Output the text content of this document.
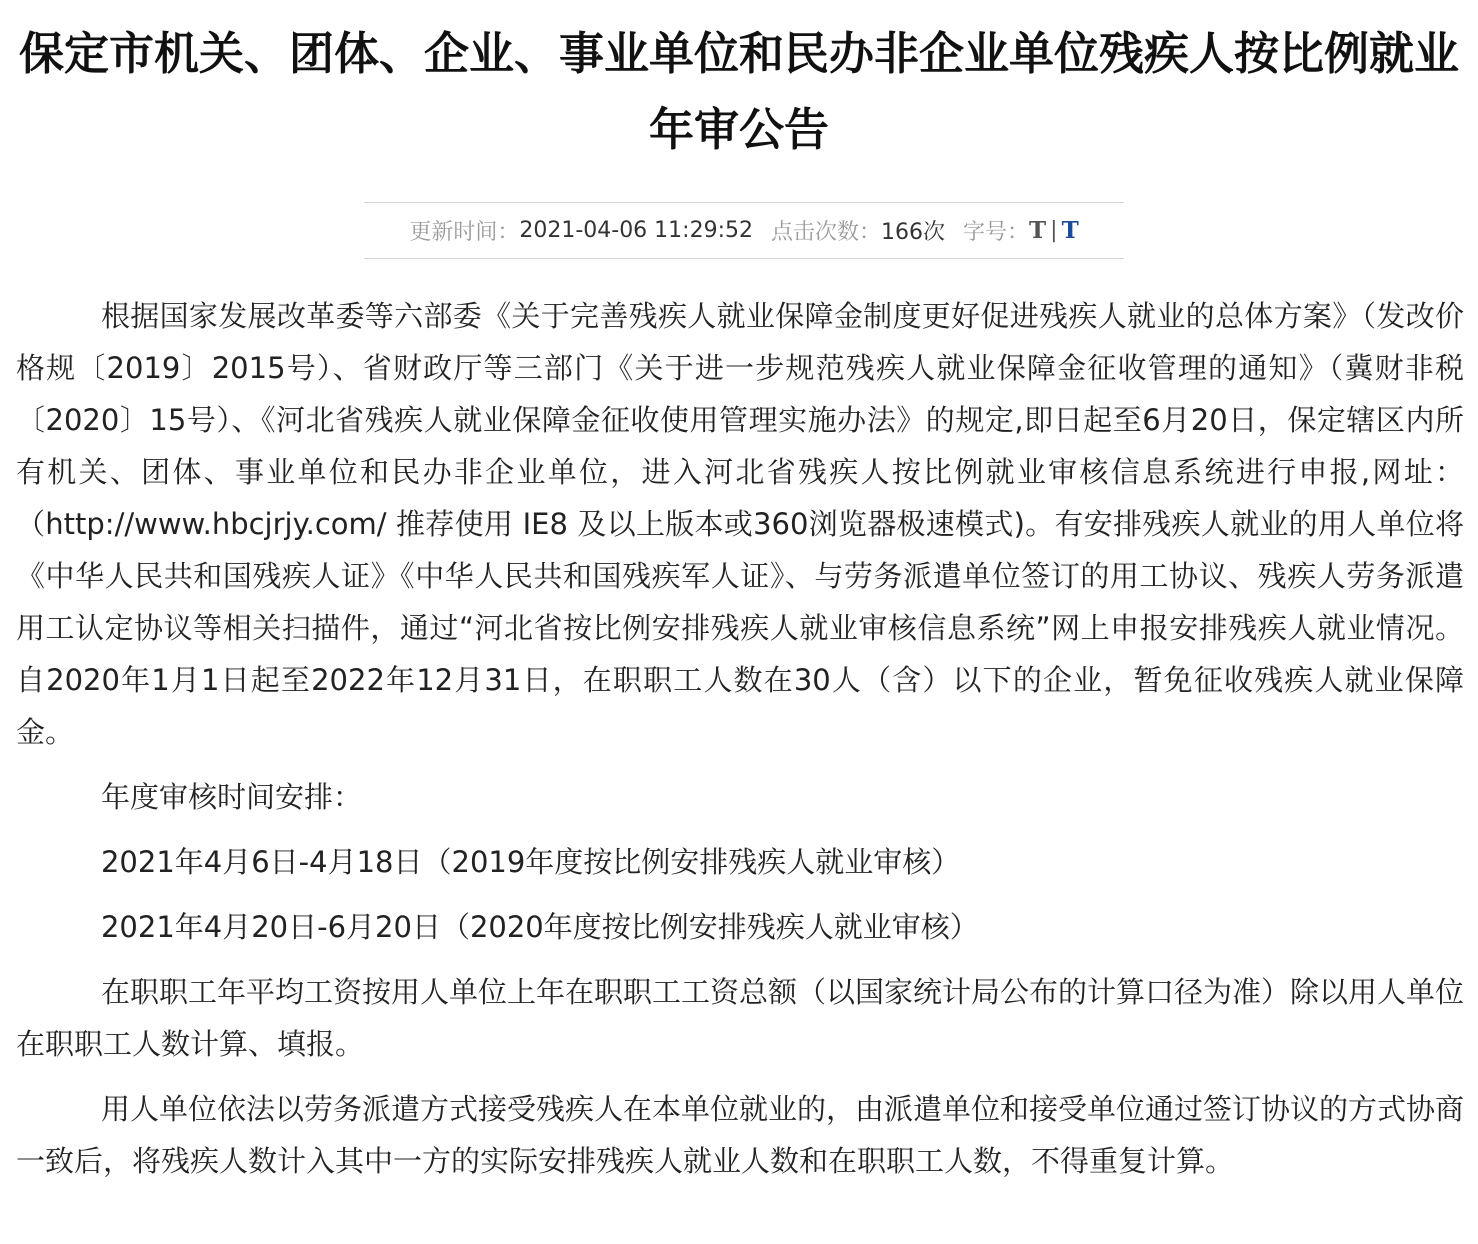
保定市机关、团体、企业、事业单位和民办非企业单位残疾人按比例就业年审公告
更新时间： 2021-04-06 11:29:52 点击次数： 166次 字号： T | T

根据国家发展改革委等六部委《关于完善残疾人就业保障金制度更好促进残疾人就业的总体方案》（发改价格规〔2019〕2015号）、省财政厅等三部门《关于进一步规范残疾人就业保障金征收管理的通知》（冀财非税〔2020〕15号）、《河北省残疾人就业保障金征收使用管理实施办法》的规定,即日起至6月20日，保定辖区内所有机关、团体、事业单位和民办非企业单位，进入河北省残疾人按比例就业审核信息系统进行申报,网址：（http://www.hbcjrjy.com/ 推荐使用 IE8 及以上版本或360浏览器极速模式)。有安排残疾人就业的用人单位将《中华人民共和国残疾人证》《中华人民共和国残疾军人证》、与劳务派遣单位签订的用工协议、残疾人劳务派遣用工认定协议等相关扫描件，通过“河北省按比例安排残疾人就业审核信息系统”网上申报安排残疾人就业情况。自2020年1月1日起至2022年12月31日，在职职工人数在30人（含）以下的企业，暂免征收残疾人就业保障金。

年度审核时间安排：

2021年4月6日-4月18日（2019年度按比例安排残疾人就业审核）

2021年4月20日-6月20日（2020年度按比例安排残疾人就业审核）

在职职工年平均工资按用人单位上年在职职工工资总额（以国家统计局公布的计算口径为准）除以用人单位在职职工人数计算、填报。

用人单位依法以劳务派遣方式接受残疾人在本单位就业的，由派遣单位和接受单位通过签订协议的方式协商一致后，将残疾人数计入其中一方的实际安排残疾人就业人数和在职职工人数，不得重复计算。
